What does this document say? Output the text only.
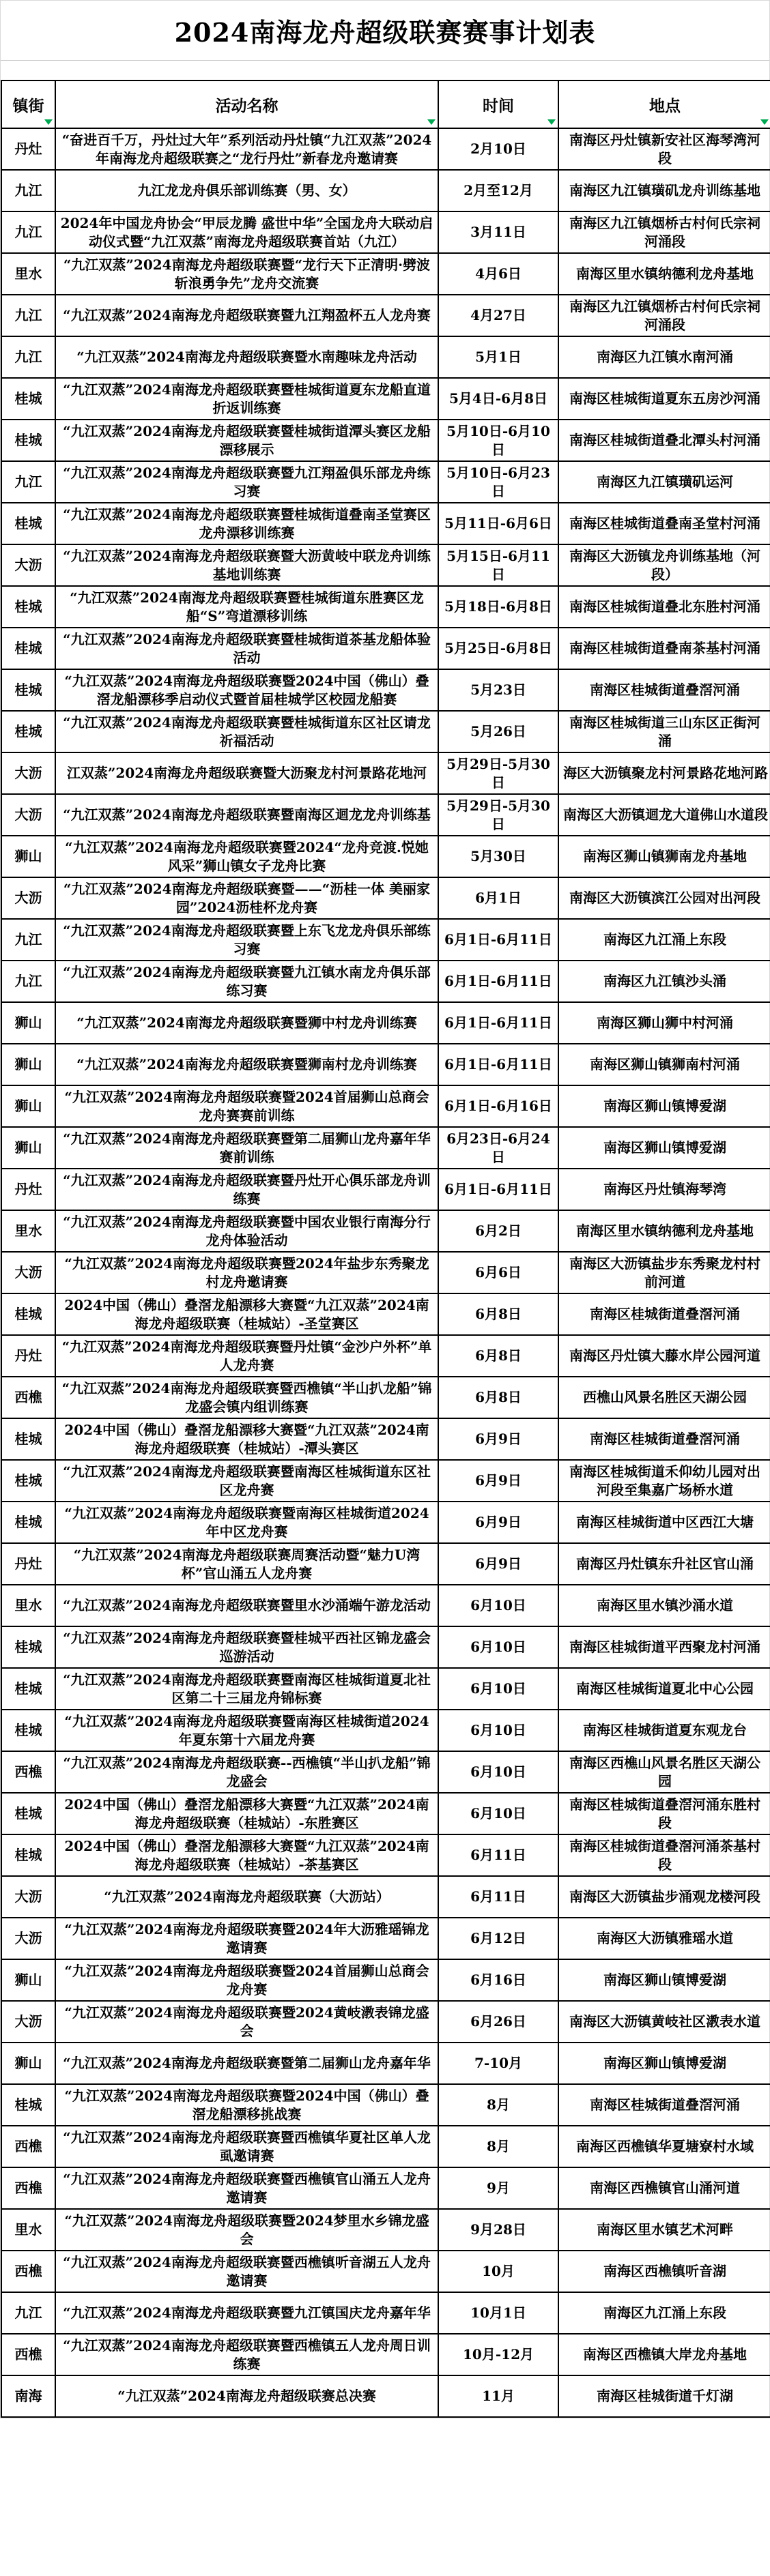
2024南海龙舟超级联赛赛事计划表
镇街	活动名称	时间	地点

丹灶	“奋进百千万，丹灶过大年”系列活动丹灶镇“九江双蒸”2024年南海龙舟超级联赛之“龙行丹灶”新春龙舟邀请赛	2月10日	南海区丹灶镇新安社区海琴湾河段
九江	九江龙龙舟俱乐部训练赛（男、女）	2月至12月	南海区九江镇璜矶龙舟训练基地
九江	2024年中国龙舟协会“甲辰龙腾 盛世中华”全国龙舟大联动启动仪式暨“九江双蒸”南海龙舟超级联赛首站（九江）	3月11日	南海区九江镇烟桥古村何氏宗祠河涌段
里水	“九江双蒸”2024南海龙舟超级联赛暨“龙行天下正清明·劈波斩浪勇争先”龙舟交流赛	4月6日	南海区里水镇纳德利龙舟基地
九江	“九江双蒸”2024南海龙舟超级联赛暨九江翔盈杯五人龙舟赛	4月27日	南海区九江镇烟桥古村何氏宗祠河涌段
九江	“九江双蒸”2024南海龙舟超级联赛暨水南趣味龙舟活动	5月1日	南海区九江镇水南河涌
桂城	“九江双蒸”2024南海龙舟超级联赛暨桂城街道夏东龙船直道折返训练赛	5月4日-6月8日	南海区桂城街道夏东五房沙河涌
桂城	“九江双蒸”2024南海龙舟超级联赛暨桂城街道潭头赛区龙船漂移展示	5月10日-6月10日	南海区桂城街道叠北潭头村河涌
九江	“九江双蒸”2024南海龙舟超级联赛暨九江翔盈俱乐部龙舟练习赛	5月10日-6月23日	南海区九江镇璜矶运河
桂城	“九江双蒸”2024南海龙舟超级联赛暨桂城街道叠南圣堂赛区龙舟漂移训练赛	5月11日-6月6日	南海区桂城街道叠南圣堂村河涌
大沥	“九江双蒸”2024南海龙舟超级联赛暨大沥黄岐中联龙舟训练基地训练赛	5月15日-6月11日	南海区大沥镇龙舟训练基地（河段）
桂城	“九江双蒸”2024南海龙舟超级联赛暨桂城街道东胜赛区龙船“S”弯道漂移训练	5月18日-6月8日	南海区桂城街道叠北东胜村河涌
桂城	“九江双蒸”2024南海龙舟超级联赛暨桂城街道茶基龙船体验活动	5月25日-6月8日	南海区桂城街道叠南茶基村河涌
桂城	“九江双蒸”2024南海龙舟超级联赛暨2024中国（佛山）叠滘龙船漂移季启动仪式暨首届桂城学区校园龙船赛	5月23日	南海区桂城街道叠滘河涌
桂城	“九江双蒸”2024南海龙舟超级联赛暨桂城街道东区社区请龙祈福活动	5月26日	南海区桂城街道三山东区正街河涌
大沥	江双蒸”2024南海龙舟超级联赛暨大沥聚龙村河景路花地河	5月29日-5月30日	海区大沥镇聚龙村河景路花地河路
大沥	“九江双蒸”2024南海龙舟超级联赛暨南海区迴龙龙舟训练基	5月29日-5月30日	南海区大沥镇迴龙大道佛山水道段
狮山	“九江双蒸”2024南海龙舟超级联赛暨2024“龙舟竞渡.悦她风采”狮山镇女子龙舟比赛	5月30日	南海区狮山镇狮南龙舟基地
大沥	“九江双蒸”2024南海龙舟超级联赛暨——“沥桂一体 美丽家园”2024沥桂杯龙舟赛	6月1日	南海区大沥镇滨江公园对出河段
九江	“九江双蒸”2024南海龙舟超级联赛暨上东飞龙龙舟俱乐部练习赛	6月1日-6月11日	南海区九江涌上东段
九江	“九江双蒸”2024南海龙舟超级联赛暨九江镇水南龙舟俱乐部练习赛	6月1日-6月11日	南海区九江镇沙头涌
狮山	“九江双蒸”2024南海龙舟超级联赛暨狮中村龙舟训练赛	6月1日-6月11日	南海区狮山狮中村河涌
狮山	“九江双蒸”2024南海龙舟超级联赛暨狮南村龙舟训练赛	6月1日-6月11日	南海区狮山镇狮南村河涌
狮山	“九江双蒸”2024南海龙舟超级联赛暨2024首届狮山总商会龙舟赛赛前训练	6月1日-6月16日	南海区狮山镇博爱湖
狮山	“九江双蒸”2024南海龙舟超级联赛暨第二届狮山龙舟嘉年华赛前训练	6月23日-6月24日	南海区狮山镇博爱湖
丹灶	“九江双蒸”2024南海龙舟超级联赛暨丹灶开心俱乐部龙舟训练赛	6月1日-6月11日	南海区丹灶镇海琴湾
里水	“九江双蒸”2024南海龙舟超级联赛暨中国农业银行南海分行龙舟体验活动	6月2日	南海区里水镇纳德利龙舟基地
大沥	“九江双蒸”2024南海龙舟超级联赛暨2024年盐步东秀聚龙村龙舟邀请赛	6月6日	南海区大沥镇盐步东秀聚龙村村前河道
桂城	2024中国（佛山）叠滘龙船漂移大赛暨“九江双蒸”2024南海龙舟超级联赛（桂城站）-圣堂赛区	6月8日	南海区桂城街道叠滘河涌
丹灶	“九江双蒸”2024南海龙舟超级联赛暨丹灶镇“金沙户外杯”单人龙舟赛	6月8日	南海区丹灶镇大藤水岸公园河道
西樵	“九江双蒸”2024南海龙舟超级联赛暨西樵镇“半山扒龙船”锦龙盛会镇内组训练赛	6月8日	西樵山风景名胜区天湖公园
桂城	2024中国（佛山）叠滘龙船漂移大赛暨“九江双蒸”2024南海龙舟超级联赛（桂城站）-潭头赛区	6月9日	南海区桂城街道叠滘河涌
桂城	“九江双蒸”2024南海龙舟超级联赛暨南海区桂城街道东区社区龙舟赛	6月9日	南海区桂城街道禾仰幼儿园对出河段至集嘉广场桥水道
桂城	“九江双蒸”2024南海龙舟超级联赛暨南海区桂城街道2024年中区龙舟赛	6月9日	南海区桂城街道中区西江大塘
丹灶	“九江双蒸”2024南海龙舟超级联赛周赛活动暨“魅力U湾杯”官山涌五人龙舟赛	6月9日	南海区丹灶镇东升社区官山涌
里水	“九江双蒸”2024南海龙舟超级联赛暨里水沙涌端午游龙活动	6月10日	南海区里水镇沙涌水道
桂城	“九江双蒸”2024南海龙舟超级联赛暨桂城平西社区锦龙盛会巡游活动	6月10日	南海区桂城街道平西聚龙村河涌
桂城	“九江双蒸”2024南海龙舟超级联赛暨南海区桂城街道夏北社区第二十三届龙舟锦标赛	6月10日	南海区桂城街道夏北中心公园
桂城	“九江双蒸”2024南海龙舟超级联赛暨南海区桂城街道2024年夏东第十六届龙舟赛	6月10日	南海区桂城街道夏东观龙台
西樵	“九江双蒸”2024南海龙舟超级联赛--西樵镇“半山扒龙船”锦龙盛会	6月10日	南海区西樵山风景名胜区天湖公园
桂城	2024中国（佛山）叠滘龙船漂移大赛暨“九江双蒸”2024南海龙舟超级联赛（桂城站）-东胜赛区	6月10日	南海区桂城街道叠滘河涌东胜村段
桂城	2024中国（佛山）叠滘龙船漂移大赛暨“九江双蒸”2024南海龙舟超级联赛（桂城站）-茶基赛区	6月11日	南海区桂城街道叠滘河涌茶基村段
大沥	“九江双蒸”2024南海龙舟超级联赛（大沥站）	6月11日	南海区大沥镇盐步涌观龙楼河段
大沥	“九江双蒸”2024南海龙舟超级联赛暨2024年大沥雅瑶锦龙邀请赛	6月12日	南海区大沥镇雅瑶水道
狮山	“九江双蒸”2024南海龙舟超级联赛暨2024首届狮山总商会龙舟赛	6月16日	南海区狮山镇博爱湖
大沥	“九江双蒸”2024南海龙舟超级联赛暨2024黄岐漖表锦龙盛会	6月26日	南海区大沥镇黄岐社区漖表水道
狮山	“九江双蒸”2024南海龙舟超级联赛暨第二届狮山龙舟嘉年华	7-10月	南海区狮山镇博爱湖
桂城	“九江双蒸”2024南海龙舟超级联赛暨2024中国（佛山）叠滘龙船漂移挑战赛	8月	南海区桂城街道叠滘河涌
西樵	“九江双蒸”2024南海龙舟超级联赛暨西樵镇华夏社区单人龙虱邀请赛	8月	南海区西樵镇华夏塘寮村水域
西樵	“九江双蒸”2024南海龙舟超级联赛暨西樵镇官山涌五人龙舟邀请赛	9月	南海区西樵镇官山涌河道
里水	“九江双蒸”2024南海龙舟超级联赛暨2024梦里水乡锦龙盛会	9月28日	南海区里水镇艺术河畔
西樵	“九江双蒸”2024南海龙舟超级联赛暨西樵镇听音湖五人龙舟邀请赛	10月	南海区西樵镇听音湖
九江	“九江双蒸”2024南海龙舟超级联赛暨九江镇国庆龙舟嘉年华	10月1日	南海区九江涌上东段
西樵	“九江双蒸”2024南海龙舟超级联赛暨西樵镇五人龙舟周日训练赛	10月-12月	南海区西樵镇大岸龙舟基地
南海	“九江双蒸”2024南海龙舟超级联赛总决赛	11月	南海区桂城街道千灯湖
